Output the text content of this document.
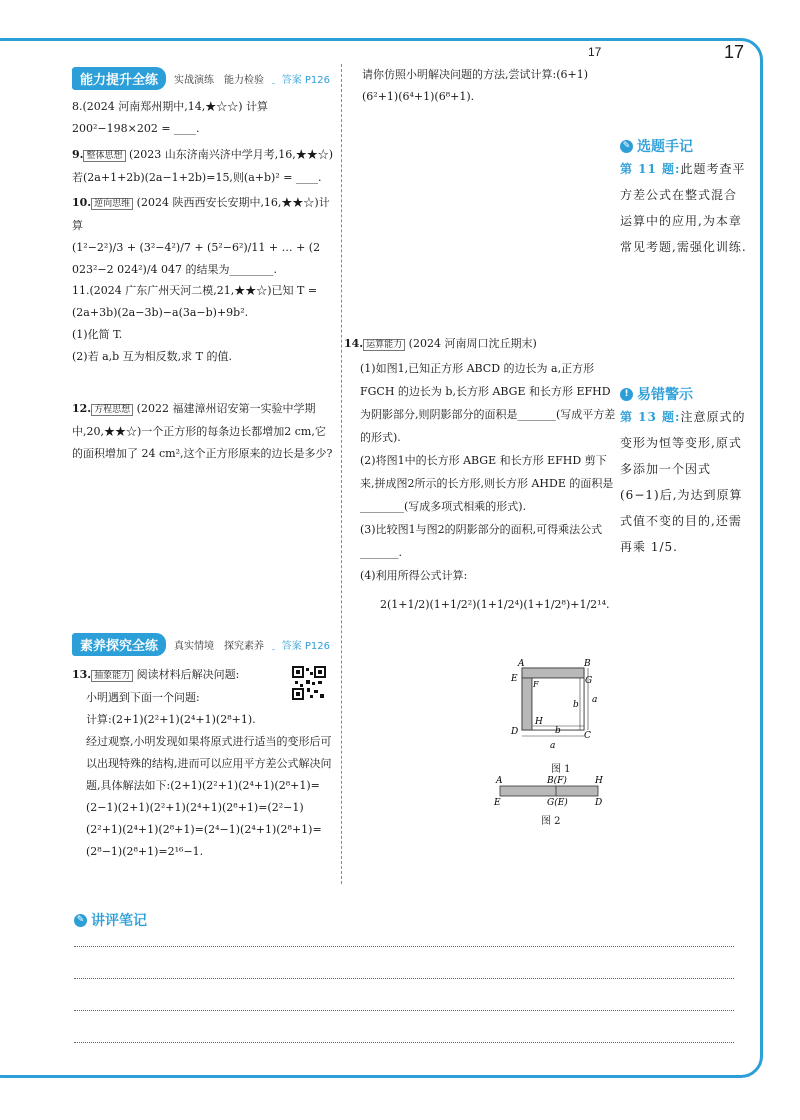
17	17
能力提升全练	实战演练　能力检验 答案 P126
8.(2024 河南郑州期中,14,★☆☆) 计算 200²−198×202 = ____.
9. 整体思想 (2023 山东济南兴济中学月考,16,★★☆)
若(2a+1+2b)(2a−1+2b)=15,则(a+b)² = ____.
10. 逆向思维 (2024 陕西西安长安期中,16,★★☆)计算
(1²−2²)/3 + (3²−4²)/7 + (5²−6²)/11 + … + (2 023²−2 024²)/4 047 的结果为________.
11.(2024 广东广州天河二模,21,★★☆)已知 T = (2a+3b)(2a−3b)−a(3a−b)+9b².
(1)化简 T.
(2)若 a,b 互为相反数,求 T 的值.
12. 方程思想 (2022 福建漳州诏安第一实验中学期中,20,★★☆)一个正方形的每条边长都增加2 cm,它的面积增加了 24 cm²,这个正方形原来的边长是多少?
素养探究全练	真实情境　探究素养 答案 P126
13. 抽象能力 阅读材料后解决问题:
小明遇到下面一个问题:
计算:(2+1)(2²+1)(2⁴+1)(2⁸+1).

经过观察,小明发现如果将原式进行适当的变形后可以出现特殊的结构,进而可以应用平方差公式解决问题,具体解法如下:(2+1)(2²+1)(2⁴+1)(2⁸+1)=(2−1)(2+1)(2²+1)(2⁴+1)(2⁸+1)=(2²−1)(2²+1)(2⁴+1)(2⁸+1)=(2⁴−1)(2⁴+1)(2⁸+1)=(2⁸−1)(2⁸+1)=2¹⁶−1.
请你仿照小明解决问题的方法,尝试计算:(6+1)(6²+1)(6⁴+1)(6⁸+1).
14. 运算能力 (2024 河南周口沈丘期末)

(1)如图1,已知正方形 ABCD 的边长为 a,正方形 FGCH 的边长为 b,长方形 ABGE 和长方形 EFHD 为阴影部分,则阴影部分的面积是_______(写成平方差的形式).
(2)将图1中的长方形 ABGE 和长方形 EFHD 剪下来,拼成图2所示的长方形,则长方形 AHDE 的面积是________(写成多项式相乘的形式).
(3)比较图1与图2的阴影部分的面积,可得乘法公式_______.
(4)利用所得公式计算:
2(1+1/2)(1+1/2²)(1+1/2⁴)(1+1/2⁸)+1/2¹⁴.
A	B
E
F	G
H
D	C
a
b
b
a
图 1
A	B(F)	H
E	G(E)	D
图 2
✎ 选题手记
第 11 题:此题考查平方差公式在整式混合运算中的应用,为本章常见考题,需强化训练.
! 易错警示
第 13 题:注意原式的变形为恒等变形,原式多添加一个因式(6−1)后,为达到原算式值不变的目的,还需再乘 1/5.
✎ 讲评笔记
